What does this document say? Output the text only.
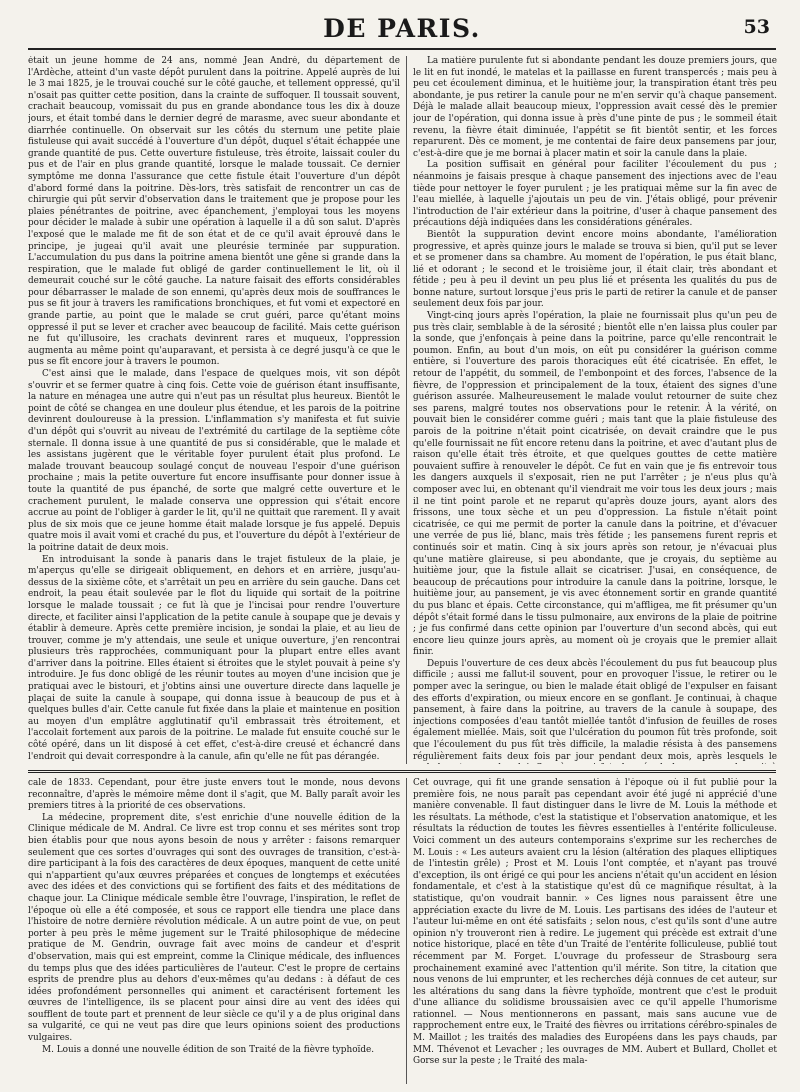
DE PARIS.	53

était un jeune homme de 24 ans, nommé Jean André, du département de l'Ardèche, atteint d'un vaste dépôt purulent dans la poitrine. Appelé auprès de lui le 3 mai 1825, je le trouvai couché sur le côté gauche, et tellement oppressé, qu'il n'osait pas quitter cette position, dans la crainte de suffoquer. Il toussait souvent, crachait beaucoup, vomissait du pus en grande abondance tous les dix à douze jours, et était tombé dans le dernier degré de marasme, avec sueur abondante et diarrhée continuelle. On observait sur les côtés du sternum une petite plaie fistuleuse qui avait succédé à l'ouverture d'un dépôt, duquel s'était échappée une grande quantité de pus. Cette ouverture fistuleuse, très étroite, laissait couler du pus et de l'air en plus grande quantité, lorsque le malade toussait. Ce dernier symptôme me donna l'assurance que cette fistule était l'ouverture d'un dépôt d'abord formé dans la poitrine. Dès-lors, très satisfait de rencontrer un cas de chirurgie qui pût servir d'observation dans le traitement que je propose pour les plaies pénétrantes de poitrine, avec épanchement, j'employai tous les moyens pour décider le malade à subir une opération à laquelle il a dû son salut. D'après l'exposé que le malade me fit de son état et de ce qu'il avait éprouvé dans le principe, je jugeai qu'il avait une pleurésie terminée par suppuration. L'accumulation du pus dans la poitrine amena bientôt une gêne si grande dans la respiration, que le malade fut obligé de garder continuellement le lit, où il demeurait couché sur le côté gauche. La nature faisait des efforts considérables pour débarrasser le malade de son ennemi, qu'après deux mois de souffrances le pus se fit jour à travers les ramifications bronchiques, et fut vomi et expectoré en grande partie, au point que le malade se crut guéri, parce qu'étant moins oppressé il put se lever et cracher avec beaucoup de facilité. Mais cette guérison ne fut qu'illusoire, les crachats devinrent rares et muqueux, l'oppression augmenta au même point qu'auparavant, et persista à ce degré jusqu'à ce que le pus se fît encore jour à travers le poumon.

C'est ainsi que le malade, dans l'espace de quelques mois, vit son dépôt s'ouvrir et se fermer quatre à cinq fois. Cette voie de guérison étant insuffisante, la nature en ménagea une autre qui n'eut pas un résultat plus heureux. Bientôt le point de côté se changea en une douleur plus étendue, et les parois de la poitrine devinrent douloureuse à la pression. L'inflammation s'y manifesta et fut suivie d'un dépôt qui s'ouvrit au niveau de l'extrémité du cartilage de la septième côte sternale. Il donna issue à une quantité de pus si considérable, que le malade et les assistans jugèrent que le véritable foyer purulent était plus profond. Le malade trouvant beaucoup soulagé conçut de nouveau l'espoir d'une guérison prochaine ; mais la petite ouverture fut encore insuffisante pour donner issue à toute la quantité de pus épanché, de sorte que malgré cette ouverture et le crachement purulent, le malade conserva une oppression qui s'était encore accrue au point de l'obliger à garder le lit, qu'il ne quittait que rarement. Il y avait plus de six mois que ce jeune homme était malade lorsque je fus appelé. Depuis quatre mois il avait vomi et craché du pus, et l'ouverture du dépôt à l'extérieur de la poitrine datait de deux mois.

En introduisant la sonde à panaris dans le trajet fistuleux de la plaie, je m'aperçus qu'elle se dirigeait obliquement, en dehors et en arrière, jusqu'au-dessus de la sixième côte, et s'arrêtait un peu en arrière du sein gauche. Dans cet endroit, la peau était soulevée par le flot du liquide qui sortait de la poitrine lorsque le malade toussait ; ce fut là que je l'incisai pour rendre l'ouverture directe, et faciliter ainsi l'application de la petite canule à soupape que je devais y établir à demeure. Après cette première incision, je sondai la plaie, et au lieu de trouver, comme je m'y attendais, une seule et unique ouverture, j'en rencontrai plusieurs très rapprochées, communiquant pour la plupart entre elles avant d'arriver dans la poitrine. Elles étaient si étroites que le stylet pouvait à peine s'y introduire. Je fus donc obligé de les réunir toutes au moyen d'une incision que je pratiquai avec le bistouri, et j'obtins ainsi une ouverture directe dans laquelle je plaçai de suite la canule à soupape, qui donna issue à beaucoup de pus et à quelques bulles d'air. Cette canule fut fixée dans la plaie et maintenue en position au moyen d'un emplâtre agglutinatif qu'il embrassait très étroitement, et l'accolait fortement aux parois de la poitrine. Le malade fut ensuite couché sur le côté opéré, dans un lit disposé à cet effet, c'est-à-dire creusé et échancré dans l'endroit qui devait correspondre à la canule, afin qu'elle ne fût pas dérangée.

La matière purulente fut si abondante pendant les douze premiers jours, que le lit en fut inondé, le matelas et la paillasse en furent transpercés ; mais peu à peu cet écoulement diminua, et le huitième jour, la transpiration étant très peu abondante, je pus retirer la canule pour ne m'en servir qu'à chaque pansement. Déjà le malade allait beaucoup mieux, l'oppression avait cessé dès le premier jour de l'opération, qui donna issue à près d'une pinte de pus ; le sommeil était revenu, la fièvre était diminuée, l'appétit se fit bientôt sentir, et les forces reparurent. Dès ce moment, je me contentai de faire deux pansemens par jour, c'est-à-dire que je me bornai à placer matin et soir la canule dans la plaie.

La position suffisait en général pour faciliter l'écoulement du pus ; néanmoins je faisais presque à chaque pansement des injections avec de l'eau tiède pour nettoyer le foyer purulent ; je les pratiquai même sur la fin avec de l'eau miellée, à laquelle j'ajoutais un peu de vin. J'étais obligé, pour prévenir l'introduction de l'air extérieur dans la poitrine, d'user à chaque pansement des précautions déjà indiquées dans les considérations générales.

Bientôt la suppuration devint encore moins abondante, l'amélioration progressive, et après quinze jours le malade se trouva si bien, qu'il put se lever et se promener dans sa chambre. Au moment de l'opération, le pus était blanc, lié et odorant ; le second et le troisième jour, il était clair, très abondant et fétide ; peu à peu il devint un peu plus lié et présenta les qualités du pus de bonne nature, surtout lorsque j'eus pris le parti de retirer la canule et de panser seulement deux fois par jour.

Vingt-cinq jours après l'opération, la plaie ne fournissait plus qu'un peu de pus très clair, semblable à de la sérosité ; bientôt elle n'en laissa plus couler par la sonde, que j'enfonçais à peine dans la poitrine, parce qu'elle rencontrait le poumon. Enfin, au bout d'un mois, on eût pu considérer la guérison comme entière, si l'ouverture des parois thoraciques eût été cicatrisée. En effet, le retour de l'appétit, du sommeil, de l'embonpoint et des forces, l'absence de la fièvre, de l'oppression et principalement de la toux, étaient des signes d'une guérison assurée. Malheureusement le malade voulut retourner de suite chez ses parens, malgré toutes nos observations pour le retenir. À la vérité, on pouvait bien le considérer comme guéri ; mais tant que la plaie fistuleuse des parois de la poitrine n'était point cicatrisée, on devait craindre que le pus qu'elle fournissait ne fût encore retenu dans la poitrine, et avec d'autant plus de raison qu'elle était très étroite, et que quelques gouttes de cette matière pouvaient suffire à renouveler le dépôt. Ce fut en vain que je fis entrevoir tous les dangers auxquels il s'exposait, rien ne put l'arrêter ; je n'eus plus qu'à composer avec lui, en obtenant qu'il viendrait me voir tous les deux jours ; mais il ne tint point parole et ne reparut qu'après douze jours, ayant alors des frissons, une toux sèche et un peu d'oppression. La fistule n'était point cicatrisée, ce qui me permit de porter la canule dans la poitrine, et d'évacuer une verrée de pus lié, blanc, mais très fétide ; les pansemens furent repris et continués soir et matin. Cinq à six jours après son retour, je n'évacuai plus qu'une matière glaireuse, si peu abondante, que je croyais, du septième au huitième jour, que la fistule allait se cicatriser. J'usai, en conséquence, de beaucoup de précautions pour introduire la canule dans la poitrine, lorsque, le huitième jour, au pansement, je vis avec étonnement sortir en grande quantité du pus blanc et épais. Cette circonstance, qui m'affligea, me fit présumer qu'un dépôt s'était formé dans le tissu pulmonaire, aux environs de la plaie de poitrine ; je fus confirmé dans cette opinion par l'ouverture d'un second abcès, qui eut encore lieu quinze jours après, au moment où je croyais que le premier allait finir.

Depuis l'ouverture de ces deux abcès l'écoulement du pus fut beaucoup plus difficile ; aussi me fallut-il souvent, pour en provoquer l'issue, le retirer ou le pomper avec la seringue, ou bien le malade était obligé de l'expulser en faisant des efforts d'expiration, ou mieux encore en se gonflant. Je continuai, à chaque pansement, à faire dans la poitrine, au travers de la canule à soupape, des injections composées d'eau tantôt miellée tantôt d'infusion de feuilles de roses également miellée. Mais, soit que l'ulcération du poumon fût très profonde, soit que l'écoulement du pus fût très difficile, la maladie résista à des pansemens régulièrement faits deux fois par jour pendant deux mois, après lesquels le

cale de 1833. Cependant, pour être juste envers tout le monde, nous devons reconnaître, d'après le mémoire même dont il s'agit, que M. Bally paraît avoir les premiers titres à la priorité de ces observations.

La médecine, proprement dite, s'est enrichie d'une nouvelle édition de la Clinique médicale de M. Andral. Ce livre est trop connu et ses mérites sont trop bien établis pour que nous ayons besoin de nous y arrêter : faisons remarquer seulement que ces sortes d'ouvrages qui sont des ouvrages de transition, c'est-à-dire participant à la fois des caractères de deux époques, manquent de cette unité qui n'appartient qu'aux œuvres préparées et conçues de longtemps et exécutées avec des idées et des convictions qui se fortifient des faits et des méditations de chaque jour. La Clinique médicale semble être l'ouvrage, l'inspiration, le reflet de l'époque où elle a été composée, et sous ce rapport elle tiendra une place dans l'histoire de notre dernière révolution médicale. A un autre point de vue, on peut porter à peu près le même jugement sur le Traité philosophique de médecine pratique de M. Gendrin, ouvrage fait avec moins de candeur et d'esprit d'observation, mais qui est empreint, comme la Clinique médicale, des influences du temps plus que des idées particulières de l'auteur. C'est le propre de certains esprits de prendre plus au dehors d'eux-mêmes qu'au dedans : à défaut de ces idées profondément personnelles qui animent et caractérisent fortement les œuvres de l'intelligence, ils se placent pour ainsi dire au vent des idées qui soufflent de toute part et prennent de leur siècle ce qu'il y a de plus original dans sa vulgarité, ce qui ne veut pas dire que leurs opinions soient des productions vulgaires.

M. Louis a donné une nouvelle édition de son Traité de la fièvre typhoïde.

Cet ouvrage, qui fit une grande sensation à l'époque où il fut publié pour la première fois, ne nous paraît pas cependant avoir été jugé ni apprécié d'une manière convenable. Il faut distinguer dans le livre de M. Louis la méthode et les résultats. La méthode, c'est la statistique et l'observation anatomique, et les résultats la réduction de toutes les fièvres essentielles à l'entérite folliculeuse. Voici comment un des auteurs contemporains s'exprime sur les recherches de M. Louis : « Les auteurs avaient cru la lésion (altération des plaques elliptiques de l'intestin grêle) ; Prost et M. Louis l'ont comptée, et n'ayant pas trouvé d'exception, ils ont érigé ce qui pour les anciens n'était qu'un accident en lésion fondamentale, et c'est à la statistique qu'est dû ce magnifique résultat, à la statistique, qu'on voudrait bannir. » Ces lignes nous paraissent être une appréciation exacte du livre de M. Louis. Les partisans des idées de l'auteur et l'auteur lui-même en ont été satisfaits ; selon nous, c'est qu'ils sont d'une autre opinion n'y trouveront rien à redire. Le jugement qui précède est extrait d'une notice historique, placé en tête d'un Traité de l'entérite folliculeuse, publié tout récemment par M. Forget. L'ouvrage du professeur de Strasbourg sera prochainement examiné avec l'attention qu'il mérite. Son titre, la citation que nous venons de lui emprunter, et les recherches déjà connues de cet auteur, sur les altérations du sang dans la fièvre typhoïde, montrent que c'est le produit d'une alliance du solidisme broussaisien avec ce qu'il appelle l'humorisme rationnel. — Nous mentionnerons en passant, mais sans aucune vue de rapprochement entre eux, le Traité des fièvres ou irritations cérébro-spinales de M. Maillot ; les traités des maladies des Européens dans les pays chauds, par MM. Thévenot et Levacher ; les ouvrages de MM. Aubert et Bullard, Chollet et Gorse sur la peste ; le Traité des mala-
